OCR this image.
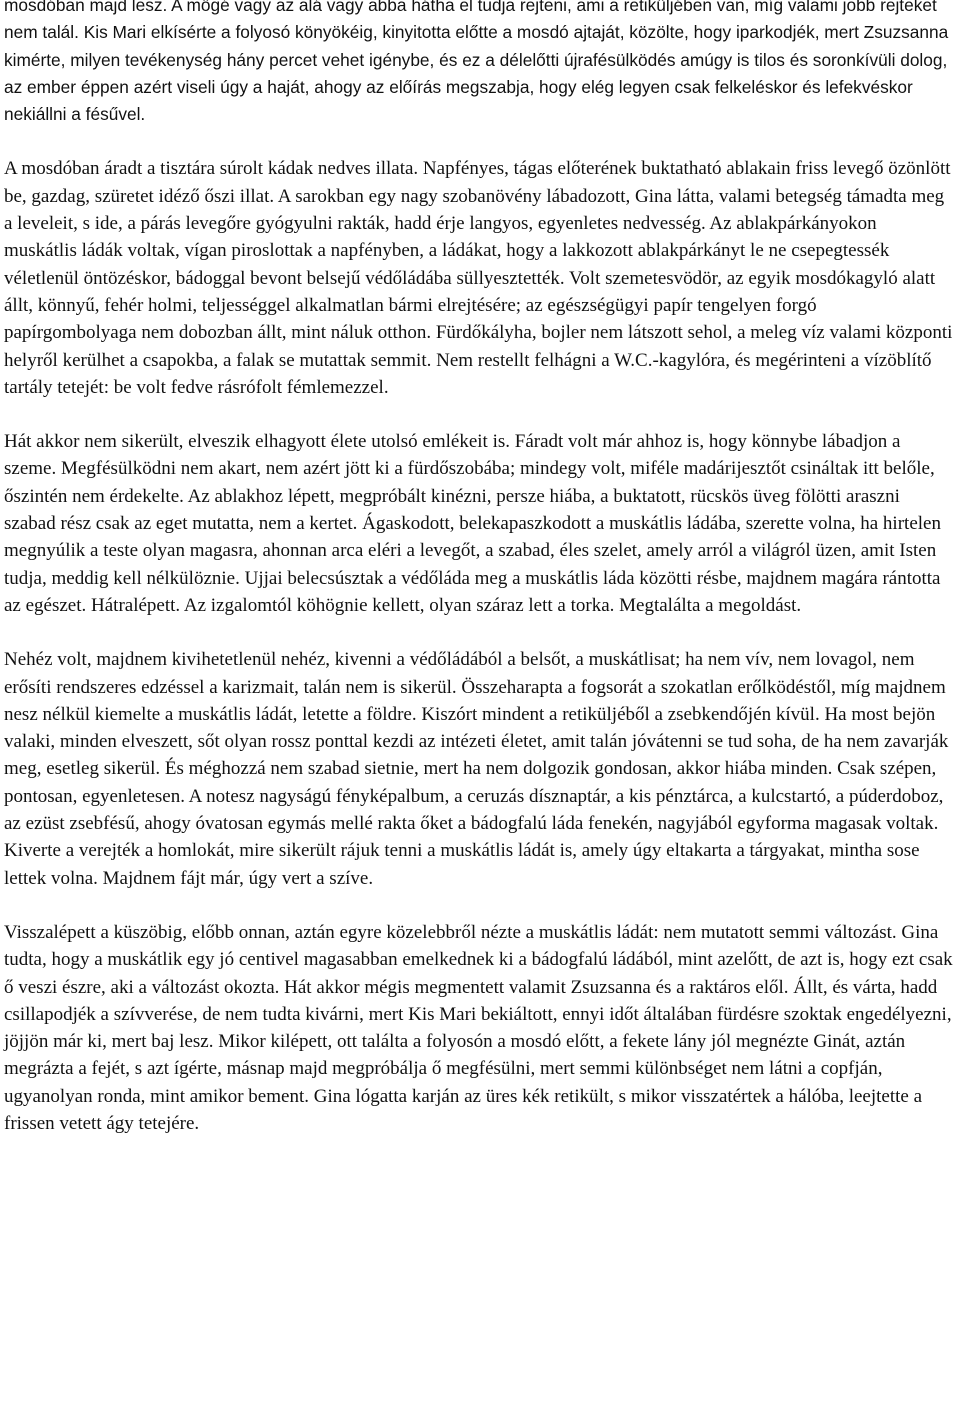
mosdóban majd lesz. A mögé vagy az alá vagy abba hátha el tudja rejteni, ami a retiküljében van, míg valami jobb rejteket nem talál. Kis Mari elkísérte a folyosó könyökéig, kinyitotta előtte a mosdó ajtaját, közölte, hogy iparkodjék, mert Zsuzsanna kimérte, milyen tevékenység hány percet vehet igénybe, és ez a délelőtti újrafésülködés amúgy is tilos és soronkívüli dolog, az ember éppen azért viseli úgy a haját, ahogy az előírás megszabja, hogy elég legyen csak felkeléskor és lefekvéskor nekiállni a fésűvel.

A mosdóban áradt a tisztára súrolt kádak nedves illata. Napfényes, tágas előterének buktatható ablakain friss levegő özönlött be, gazdag, szüretet idéző őszi illat. A sarokban egy nagy szobanövény lábadozott, Gina látta, valami betegség támadta meg a leveleit, s ide, a párás levegőre gyógyulni rakták, hadd érje langyos, egyenletes nedvesség. Az ablakpárkányokon muskátlis ládák voltak, vígan piroslottak a napfényben, a ládákat, hogy a lakkozott ablakpárkányt le ne csepegtessék véletlenül öntözéskor, bádoggal bevont belsejű védőládába süllyesztették. Volt szemetesvödör, az egyik mosdókagyló alatt állt, könnyű, fehér holmi, teljességgel alkalmatlan bármi elrejtésére; az egészségügyi papír tengelyen forgó papírgombolyaga nem dobozban állt, mint náluk otthon. Fürdőkályha, bojler nem látszott sehol, a meleg víz valami központi helyről kerülhet a csapokba, a falak se mutattak semmit. Nem restellt felhágni a W.C.-kagylóra, és megérinteni a vízöblítő tartály tetejét: be volt fedve rásrófolt fémlemezzel.

Hát akkor nem sikerült, elveszik elhagyott élete utolsó emlékeit is. Fáradt volt már ahhoz is, hogy könnybe lábadjon a szeme. Megfésülködni nem akart, nem azért jött ki a fürdőszobába; mindegy volt, miféle madárijesztőt csináltak itt belőle, őszintén nem érdekelte. Az ablakhoz lépett, megpróbált kinézni, persze hiába, a buktatott, rücskös üveg fölötti araszni szabad rész csak az eget mutatta, nem a kertet. Ágaskodott, belekapaszkodott a muskátlis ládába, szerette volna, ha hirtelen megnyúlik a teste olyan magasra, ahonnan arca eléri a levegőt, a szabad, éles szelet, amely arról a világról üzen, amit Isten tudja, meddig kell nélkülöznie. Ujjai belecsúsztak a védőláda meg a muskátlis láda közötti résbe, majdnem magára rántotta az egészet. Hátralépett. Az izgalomtól köhögnie kellett, olyan száraz lett a torka. Megtalálta a megoldást.

Nehéz volt, majdnem kivihetetlenül nehéz, kivenni a védőládából a belsőt, a muskátlisat; ha nem vív, nem lovagol, nem erősíti rendszeres edzéssel a karizmait, talán nem is sikerül. Összeharapta a fogsorát a szokatlan erőlködéstől, míg majdnem nesz nélkül kiemelte a muskátlis ládát, letette a földre. Kiszórt mindent a retiküljéből a zsebkendőjén kívül. Ha most bejön valaki, minden elveszett, sőt olyan rossz ponttal kezdi az intézeti életet, amit talán jóvátenni se tud soha, de ha nem zavarják meg, esetleg sikerül. És méghozzá nem szabad sietnie, mert ha nem dolgozik gondosan, akkor hiába minden. Csak szépen, pontosan, egyenletesen. A notesz nagyságú fényképalbum, a ceruzás dísznaptár, a kis pénztárca, a kulcstartó, a púderdoboz, az ezüst zsebfésű, ahogy óvatosan egymás mellé rakta őket a bádogfalú láda fenekén, nagyjából egyforma magasak voltak. Kiverte a verejték a homlokát, mire sikerült rájuk tenni a muskátlis ládát is, amely úgy eltakarta a tárgyakat, mintha sose lettek volna. Majdnem fájt már, úgy vert a szíve.

Visszalépett a küszöbig, előbb onnan, aztán egyre közelebbről nézte a muskátlis ládát: nem mutatott semmi változást. Gina tudta, hogy a muskátlik egy jó centivel magasabban emelkednek ki a bádogfalú ládából, mint azelőtt, de azt is, hogy ezt csak ő veszi észre, aki a változást okozta. Hát akkor mégis megmentett valamit Zsuzsanna és a raktáros elől. Állt, és várta, hadd csillapodjék a szívverése, de nem tudta kivárni, mert Kis Mari bekiáltott, ennyi időt általában fürdésre szoktak engedélyezni, jöjjön már ki, mert baj lesz. Mikor kilépett, ott találta a folyosón a mosdó előtt, a fekete lány jól megnézte Ginát, aztán megrázta a fejét, s azt ígérte, másnap majd megpróbálja ő megfésülni, mert semmi különbséget nem látni a copfján, ugyanolyan ronda, mint amikor bement. Gina lógatta karján az üres kék retikült, s mikor visszatértek a hálóba, leejtette a frissen vetett ágy tetejére.
